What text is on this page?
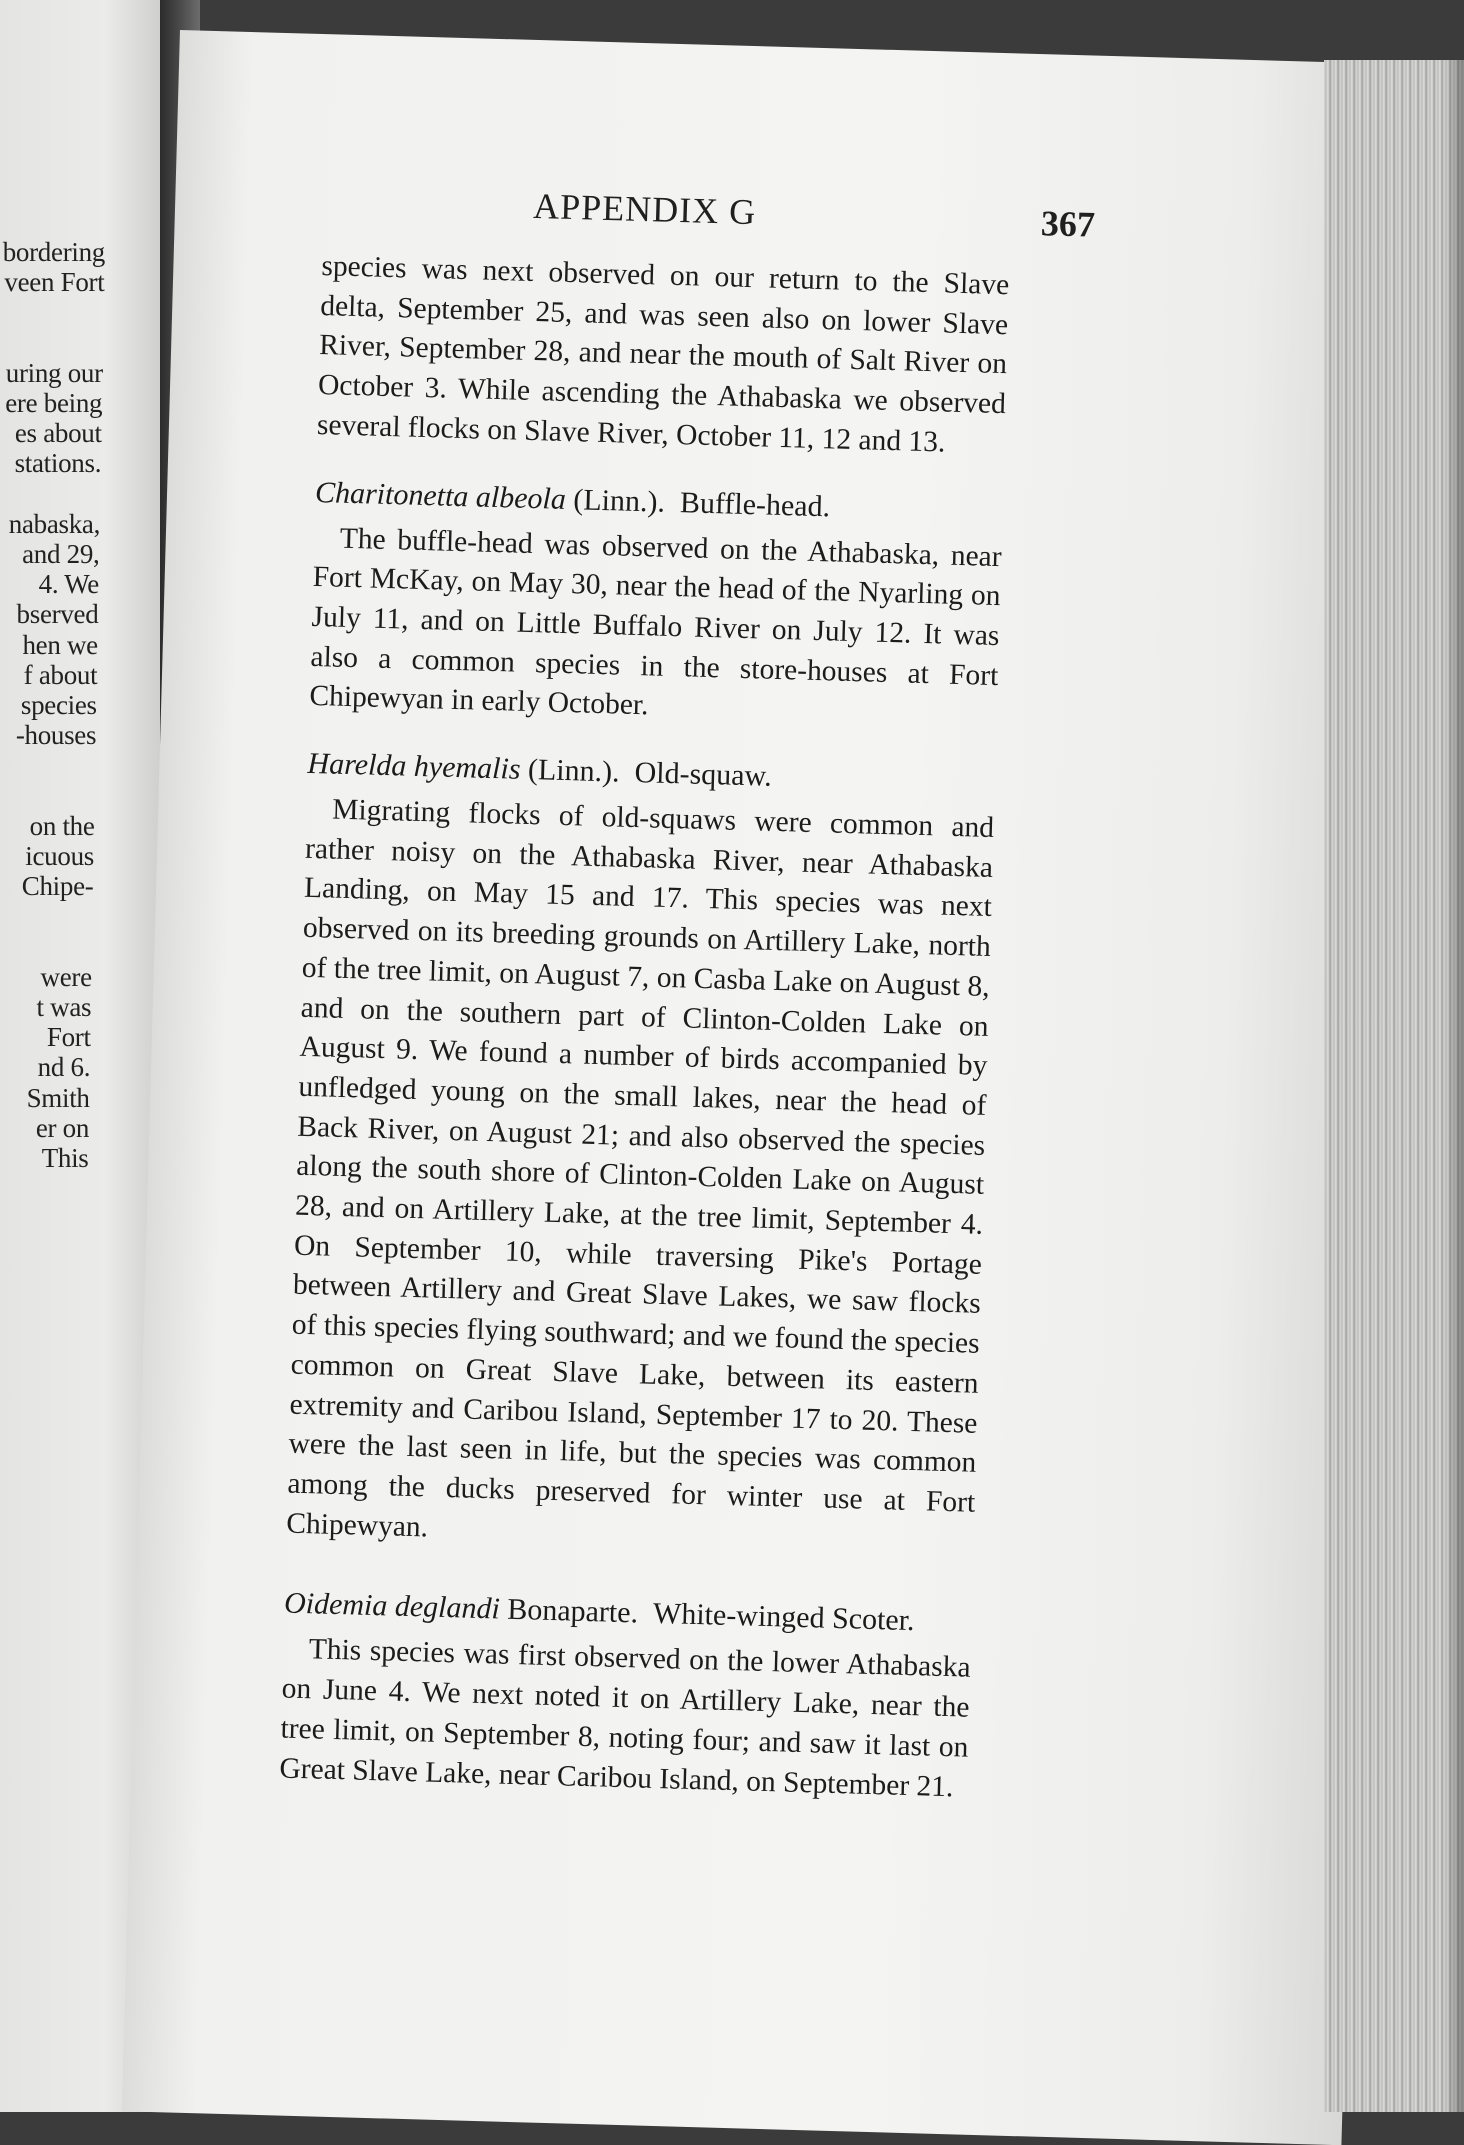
bordering
veen Fort
uring our
ere being
es about
stations.
nabaska,
and 29,
4. We
bserved
hen we
f about
species
-houses
on the
icuous
Chipe-
were
t was
Fort
nd 6.
Smith
er on
This
APPENDIX G	367

species was next observed on our return to the Slave delta, September 25, and was seen also on lower Slave River, September 28, and near the mouth of Salt River on October 3. While ascending the Athabaska we observed several flocks on Slave River, October 11, 12 and 13.

Charitonetta albeola (Linn.). Buffle-head.

The buffle-head was observed on the Athabaska, near Fort McKay, on May 30, near the head of the Nyarling on July 11, and on Little Buffalo River on July 12. It was also a common species in the store-houses at Fort Chipewyan in early October.

Harelda hyemalis (Linn.). Old-squaw.

Migrating flocks of old-squaws were common and rather noisy on the Athabaska River, near Athabaska Landing, on May 15 and 17. This species was next observed on its breeding grounds on Artillery Lake, north of the tree limit, on August 7, on Casba Lake on August 8, and on the southern part of Clinton-Colden Lake on August 9. We found a number of birds accompanied by unfledged young on the small lakes, near the head of Back River, on August 21; and also observed the species along the south shore of Clinton-Colden Lake on August 28, and on Artillery Lake, at the tree limit, September 4. On September 10, while traversing Pike's Portage between Artillery and Great Slave Lakes, we saw flocks of this species flying southward; and we found the species common on Great Slave Lake, between its eastern extremity and Caribou Island, September 17 to 20. These were the last seen in life, but the species was common among the ducks preserved for winter use at Fort Chipewyan.

Oidemia deglandi Bonaparte. White-winged Scoter.

This species was first observed on the lower Athabaska on June 4. We next noted it on Artillery Lake, near the tree limit, on September 8, noting four; and saw it last on Great Slave Lake, near Caribou Island, on September 21.
